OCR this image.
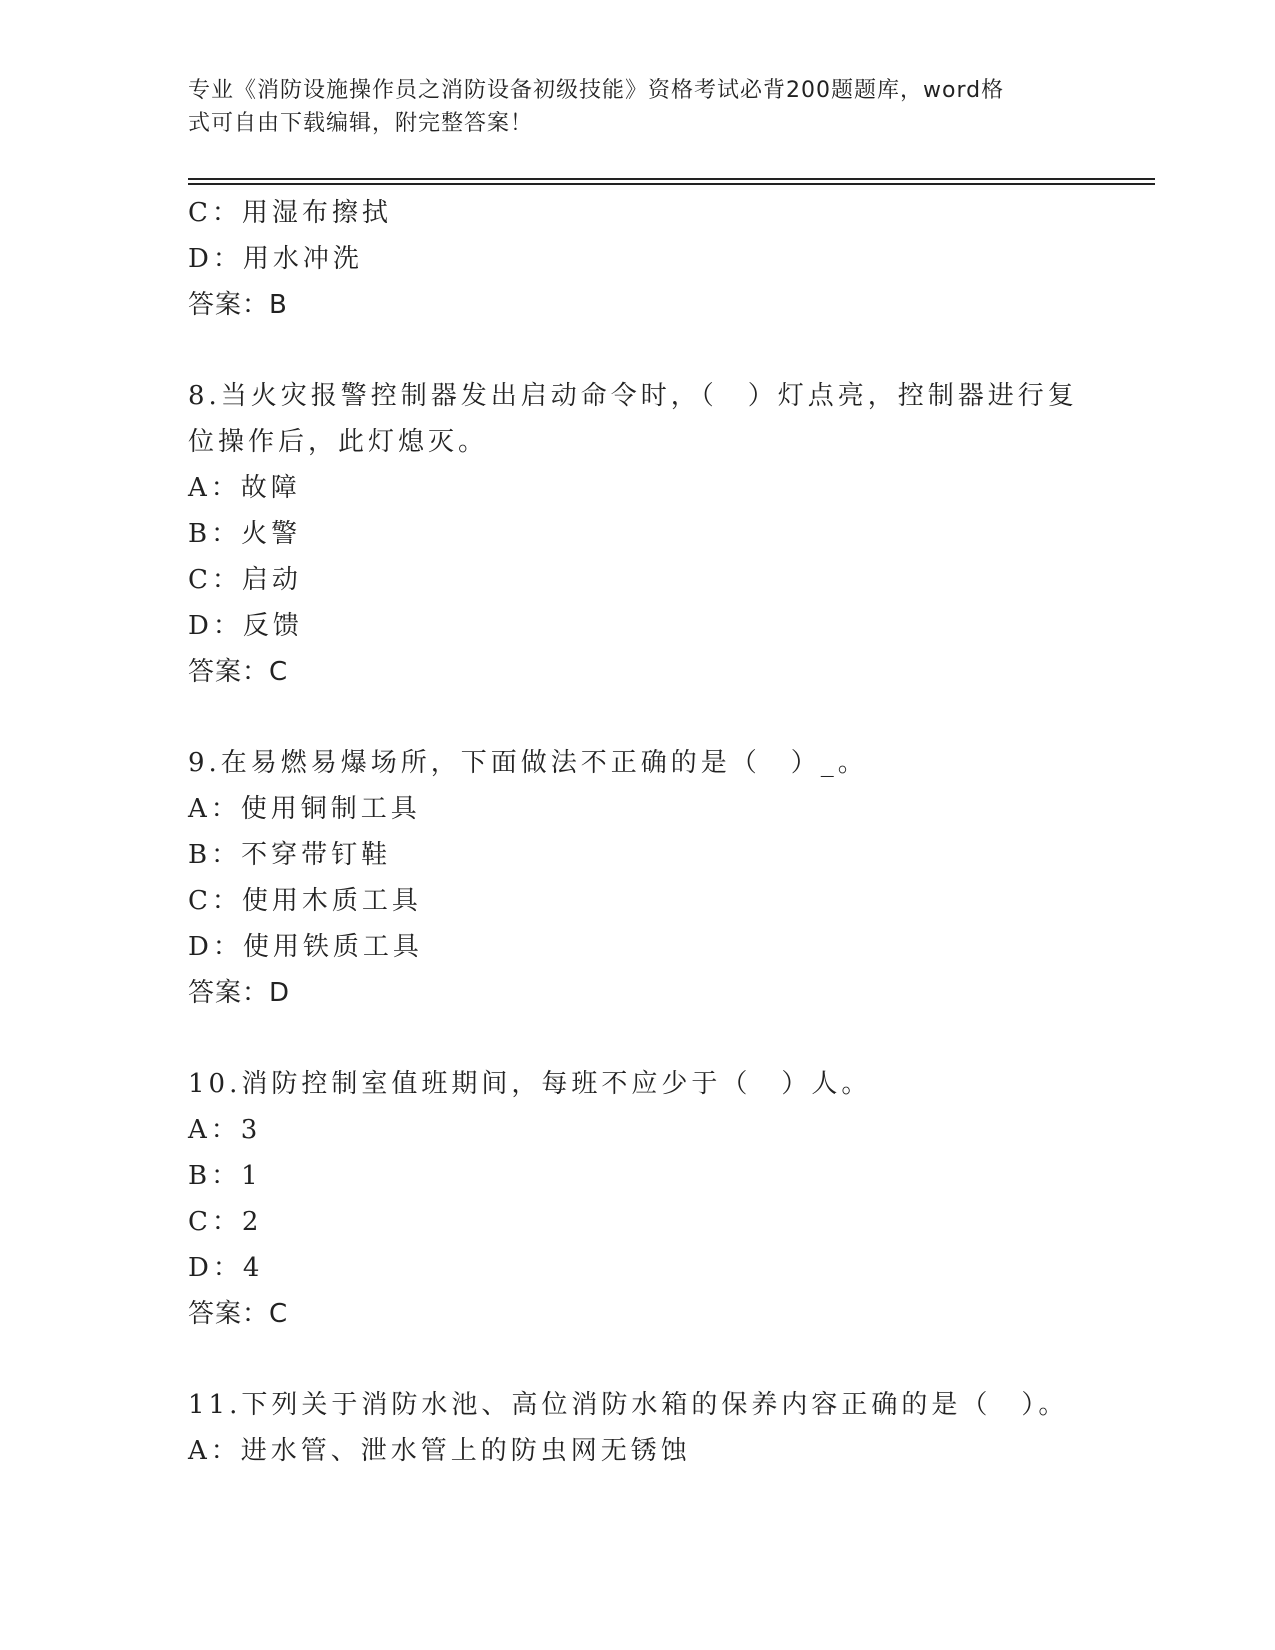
专业《消防设施操作员之消防设备初级技能》资格考试必背200题题库，word格
式可自由下载编辑，附完整答案！
C：用湿布擦拭
D：用水冲洗
答案：B
8.当火灾报警控制器发出启动命令时，（　）灯点亮，控制器进行复
位操作后，此灯熄灭。
A：故障
B：火警
C：启动
D：反馈
答案：C
9.在易燃易爆场所，下面做法不正确的是（　）_。
A：使用铜制工具
B：不穿带钉鞋
C：使用木质工具
D：使用铁质工具
答案：D
10.消防控制室值班期间，每班不应少于（　）人。
A：3
B：1
C：2
D：4
答案：C
11.下列关于消防水池、高位消防水箱的保养内容正确的是（　）。
A：进水管、泄水管上的防虫网无锈蚀
